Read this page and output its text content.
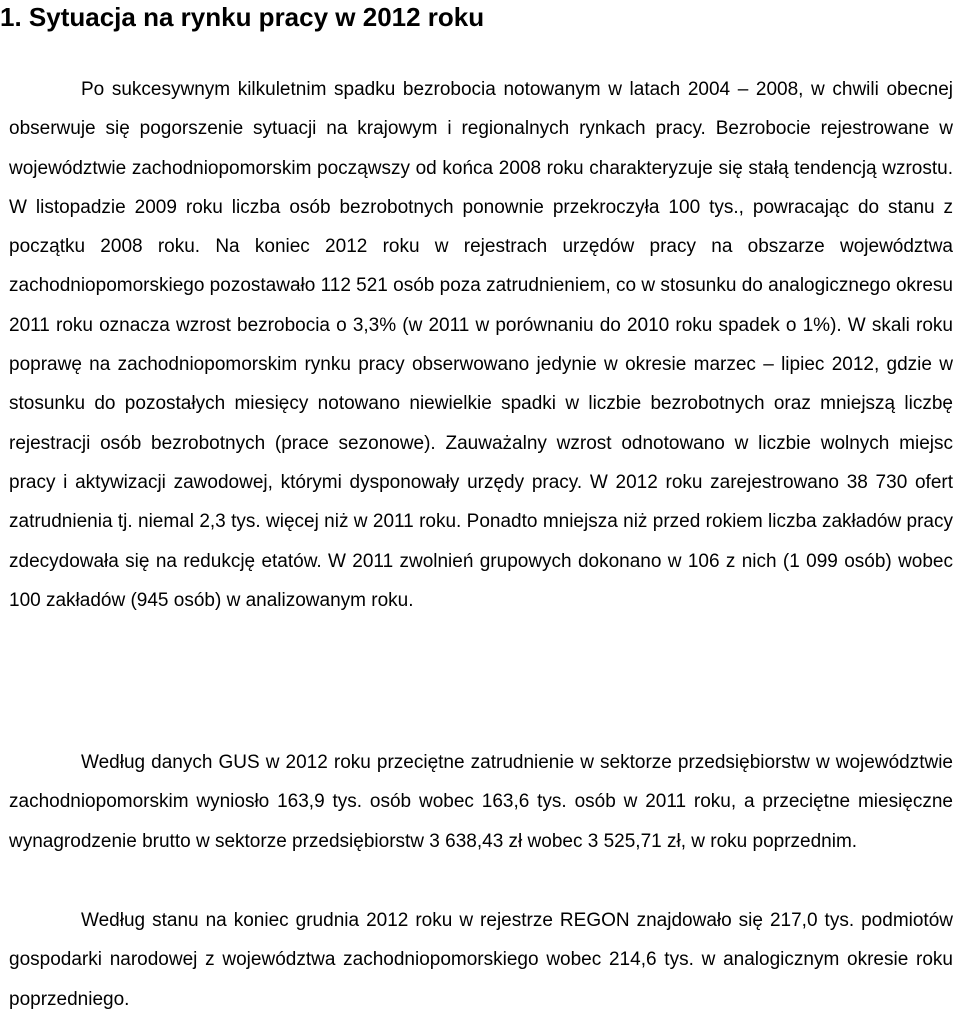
1. Sytuacja na rynku pracy w 2012 roku

Po sukcesywnym kilkuletnim spadku bezrobocia notowanym w latach 2004 – 2008, w chwili obecnej obserwuje się pogorszenie sytuacji na krajowym i regionalnych rynkach pracy. Bezrobocie rejestrowane w województwie zachodniopomorskim począwszy od końca 2008 roku charakteryzuje się stałą tendencją wzrostu. W listopadzie 2009 roku liczba osób bezrobotnych ponownie przekroczyła 100 tys., powracając do stanu z początku 2008 roku. Na koniec 2012 roku w rejestrach urzędów pracy na obszarze województwa zachodniopomorskiego pozostawało 112 521 osób poza zatrudnieniem, co w stosunku do analogicznego okresu 2011 roku oznacza wzrost bezrobocia o 3,3% (w 2011 w porównaniu do 2010 roku spadek o 1%). W skali roku poprawę na zachodniopomorskim rynku pracy obserwowano jedynie w okresie marzec – lipiec 2012, gdzie w stosunku do pozostałych miesięcy notowano niewielkie spadki w liczbie bezrobotnych oraz mniejszą liczbę rejestracji osób bezrobotnych (prace sezonowe). Zauważalny wzrost odnotowano w liczbie wolnych miejsc pracy i aktywizacji zawodowej, którymi dysponowały urzędy pracy. W 2012 roku zarejestrowano 38 730 ofert zatrudnienia tj. niemal 2,3 tys. więcej niż w 2011 roku. Ponadto mniejsza niż przed rokiem liczba zakładów pracy zdecydowała się na redukcję etatów. W 2011 zwolnień grupowych dokonano w 106 z nich (1 099 osób) wobec 100 zakładów (945 osób) w analizowanym roku.

Według danych GUS w 2012 roku przeciętne zatrudnienie w sektorze przedsiębiorstw w województwie zachodniopomorskim wyniosło 163,9 tys. osób wobec 163,6 tys. osób w 2011 roku, a przeciętne miesięczne wynagrodzenie brutto w sektorze przedsiębiorstw 3 638,43 zł wobec 3 525,71 zł, w roku poprzednim.

Według stanu na koniec grudnia 2012 roku w rejestrze REGON znajdowało się 217,0 tys. podmiotów gospodarki narodowej z województwa zachodniopomorskiego wobec 214,6 tys. w analogicznym okresie roku poprzedniego.
